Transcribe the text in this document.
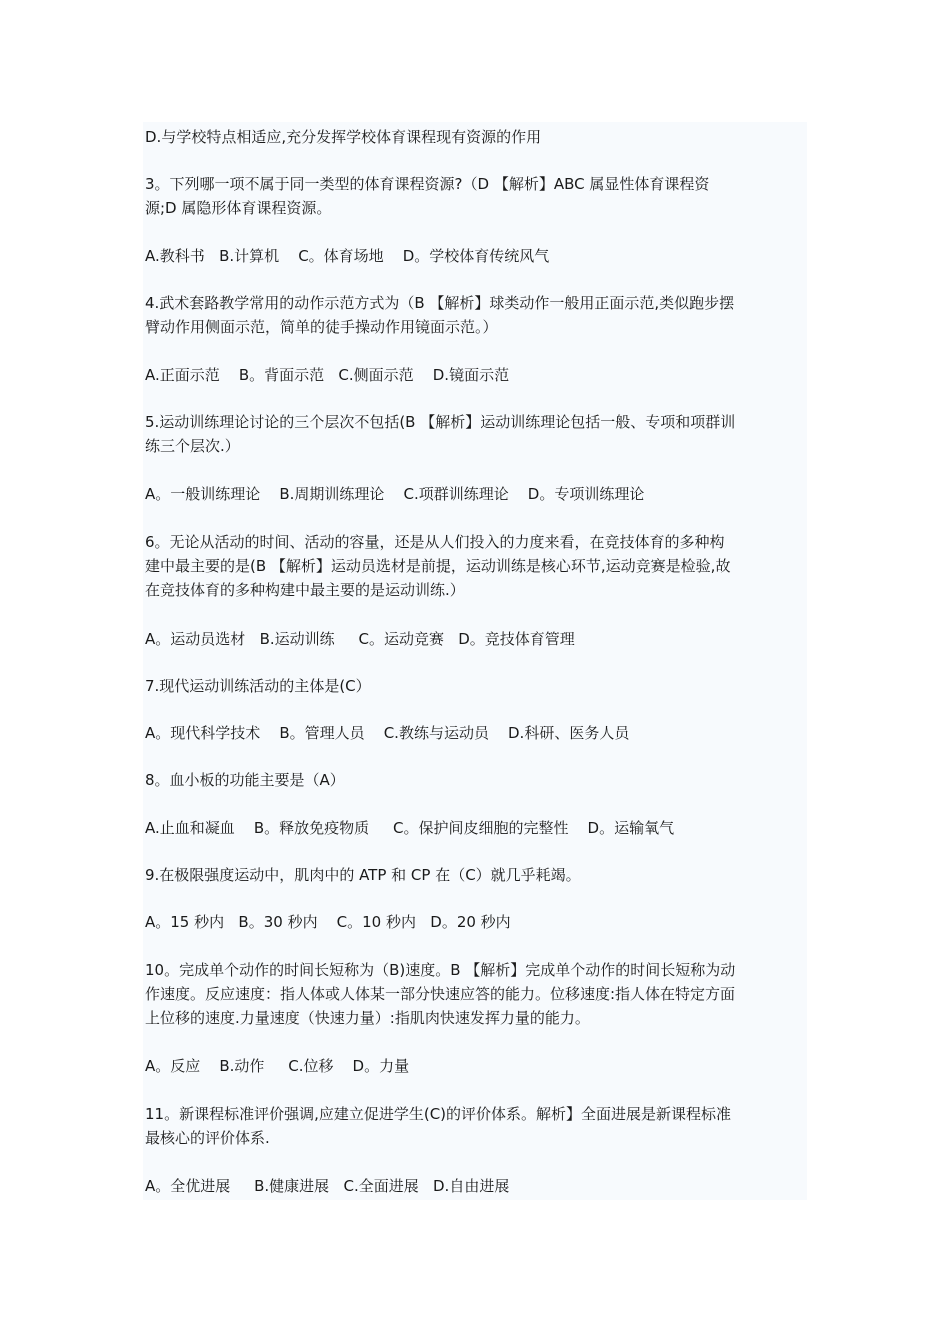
D.与学校特点相适应,充分发挥学校体育课程现有资源的作用

3。下列哪一项不属于同一类型的体育课程资源?（D 【解析】ABC 属显性体育课程资
源;D 属隐形体育课程资源。

A.教科书   B.计算机    C。体育场地    D。学校体育传统风气

4.武术套路教学常用的动作示范方式为（B 【解析】球类动作一般用正面示范,类似跑步摆
臂动作用侧面示范，简单的徒手操动作用镜面示范。）

A.正面示范    B。背面示范   C.侧面示范    D.镜面示范

5.运动训练理论讨论的三个层次不包括(B 【解析】运动训练理论包括一般、专项和项群训
练三个层次.）

A。一般训练理论    B.周期训练理论    C.项群训练理论    D。专项训练理论

6。无论从活动的时间、活动的容量，还是从人们投入的力度来看，在竞技体育的多种构
建中最主要的是(B 【解析】运动员选材是前提，运动训练是核心环节,运动竞赛是检验,故
在竞技体育的多种构建中最主要的是运动训练.）

A。运动员选材   B.运动训练     C。运动竞赛   D。竞技体育管理

7.现代运动训练活动的主体是(C）

A。现代科学技术    B。管理人员    C.教练与运动员    D.科研、医务人员

8。血小板的功能主要是（A）

A.止血和凝血    B。释放免疫物质     C。保护间皮细胞的完整性    D。运输氧气

9.在极限强度运动中，肌肉中的 ATP 和 CP 在（C）就几乎耗竭。

A。15 秒内   B。30 秒内    C。10 秒内   D。20 秒内

10。完成单个动作的时间长短称为（B)速度。B 【解析】完成单个动作的时间长短称为动
作速度。反应速度：指人体或人体某一部分快速应答的能力。位移速度:指人体在特定方面
上位移的速度.力量速度（快速力量）:指肌肉快速发挥力量的能力。

A。反应    B.动作     C.位移    D。力量

11。新课程标准评价强调,应建立促进学生(C)的评价体系。解析】全面进展是新课程标准
最核心的评价体系.

A。全优进展     B.健康进展   C.全面进展   D.自由进展
